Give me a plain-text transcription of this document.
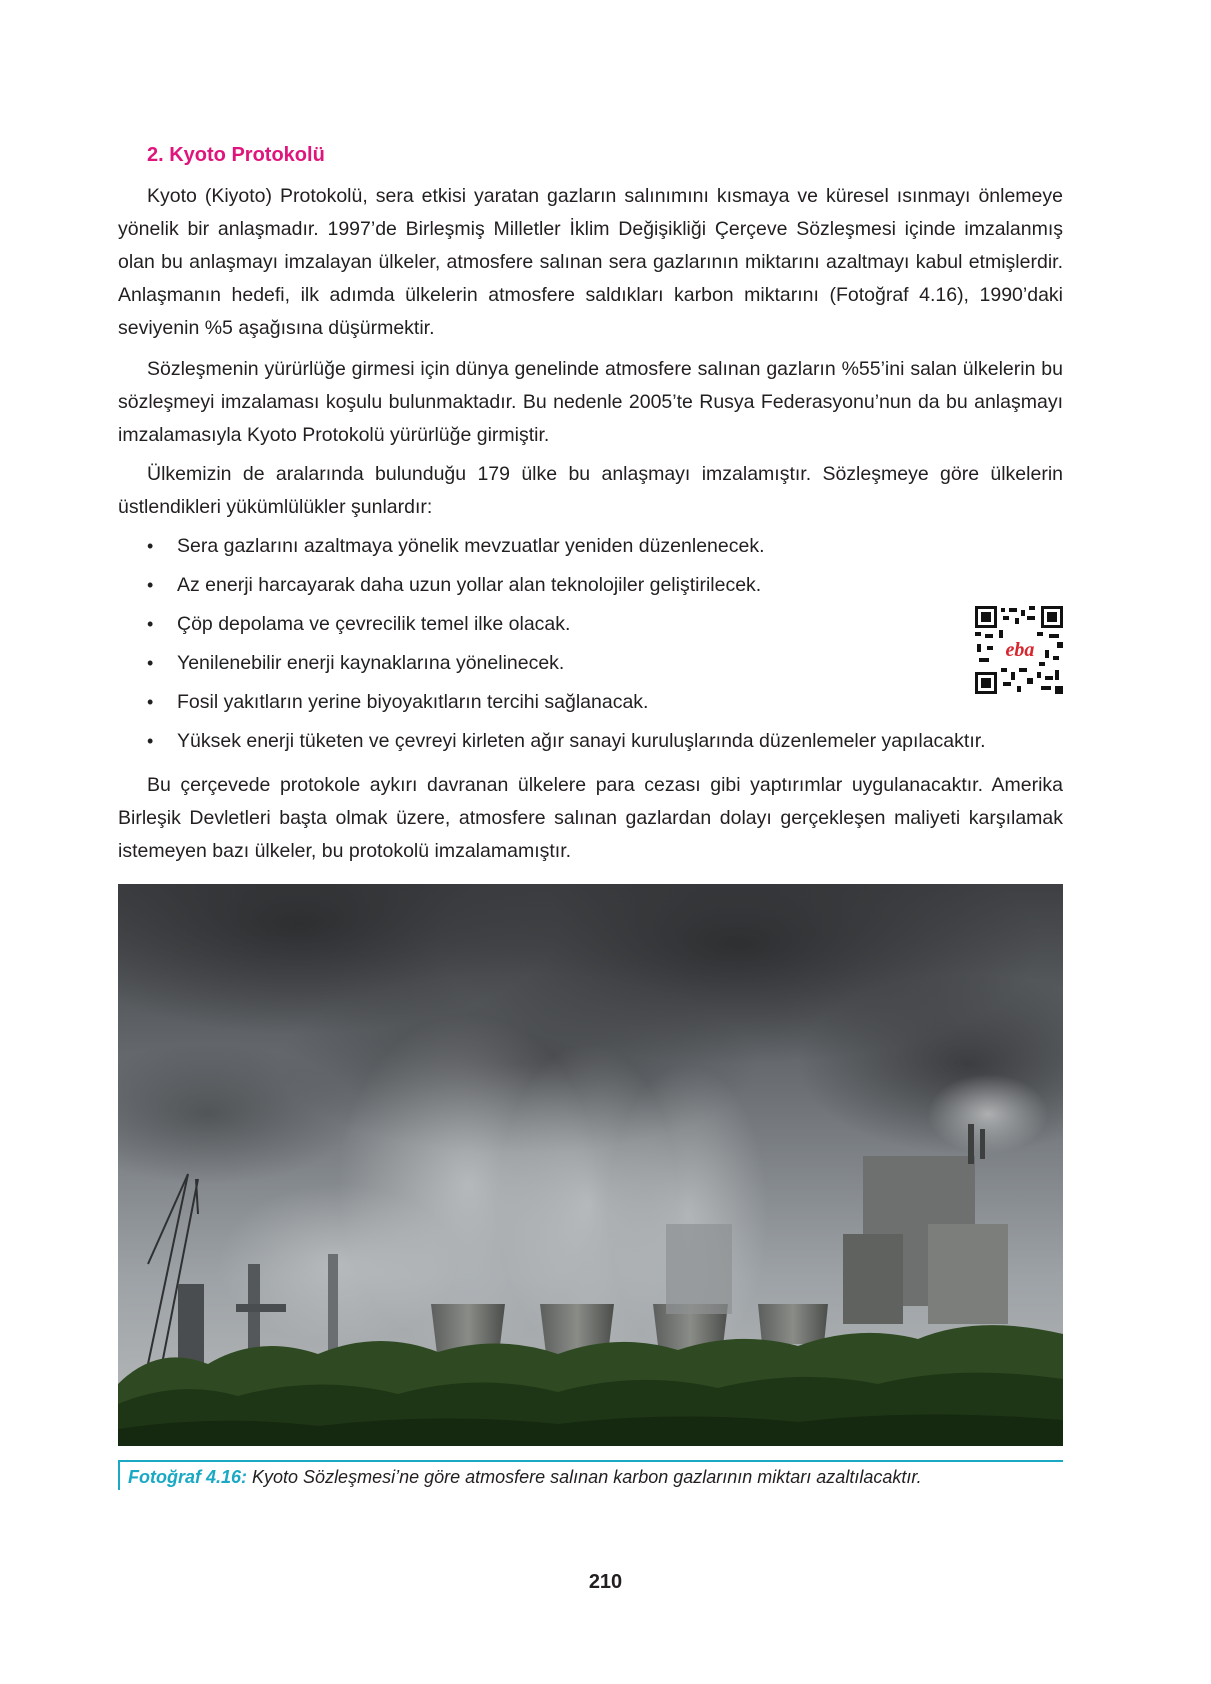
2. Kyoto Protokolü

Kyoto (Kiyoto) Protokolü, sera etkisi yaratan gazların salınımını kısmaya ve küresel ısınmayı önlemeye yönelik bir anlaşmadır. 1997’de Birleşmiş Milletler İklim Değişikliği Çerçeve Sözleşmesi içinde imzalanmış olan bu anlaşmayı imzalayan ülkeler, atmosfere salınan sera gazlarının miktarını azaltmayı kabul etmişlerdir. Anlaşmanın hedefi, ilk adımda ülkelerin atmosfere saldıkları karbon miktarını (Fotoğraf 4.16), 1990’daki seviyenin %5 aşağısına düşürmektir.

Sözleşmenin yürürlüğe girmesi için dünya genelinde atmosfere salınan gazların %55’ini salan ülkelerin bu sözleşmeyi imzalaması koşulu bulunmaktadır. Bu nedenle 2005’te Rusya Federasyonu’nun da bu anlaşmayı imzalamasıyla Kyoto Protokolü yürürlüğe girmiştir.

Ülkemizin de aralarında bulunduğu 179 ülke bu anlaşmayı imzalamıştır. Sözleşmeye göre ülkelerin üstlendikleri yükümlülükler şunlardır:

• Sera gazlarını azaltmaya yönelik mevzuatlar yeniden düzenlenecek.
• Az enerji harcayarak daha uzun yollar alan teknolojiler geliştirilecek.
• Çöp depolama ve çevrecilik temel ilke olacak.
• Yenilenebilir enerji kaynaklarına yönelinecek.
• Fosil yakıtların yerine biyoyakıtların tercihi sağlanacak.
• Yüksek enerji tüketen ve çevreyi kirleten ağır sanayi kuruluşlarında düzenlemeler yapılacaktır.
eba

Bu çerçevede protokole aykırı davranan ülkelere para cezası gibi yaptırımlar uygulanacaktır. Amerika Birleşik Devletleri başta olmak üzere, atmosfere salınan gazlardan dolayı gerçekleşen maliyeti karşılamak istemeyen bazı ülkeler, bu protokolü imzalamamıştır.

Fotoğraf 4.16: Kyoto Sözleşmesi’ne göre atmosfere salınan karbon gazlarının miktarı azaltılacaktır.
210
